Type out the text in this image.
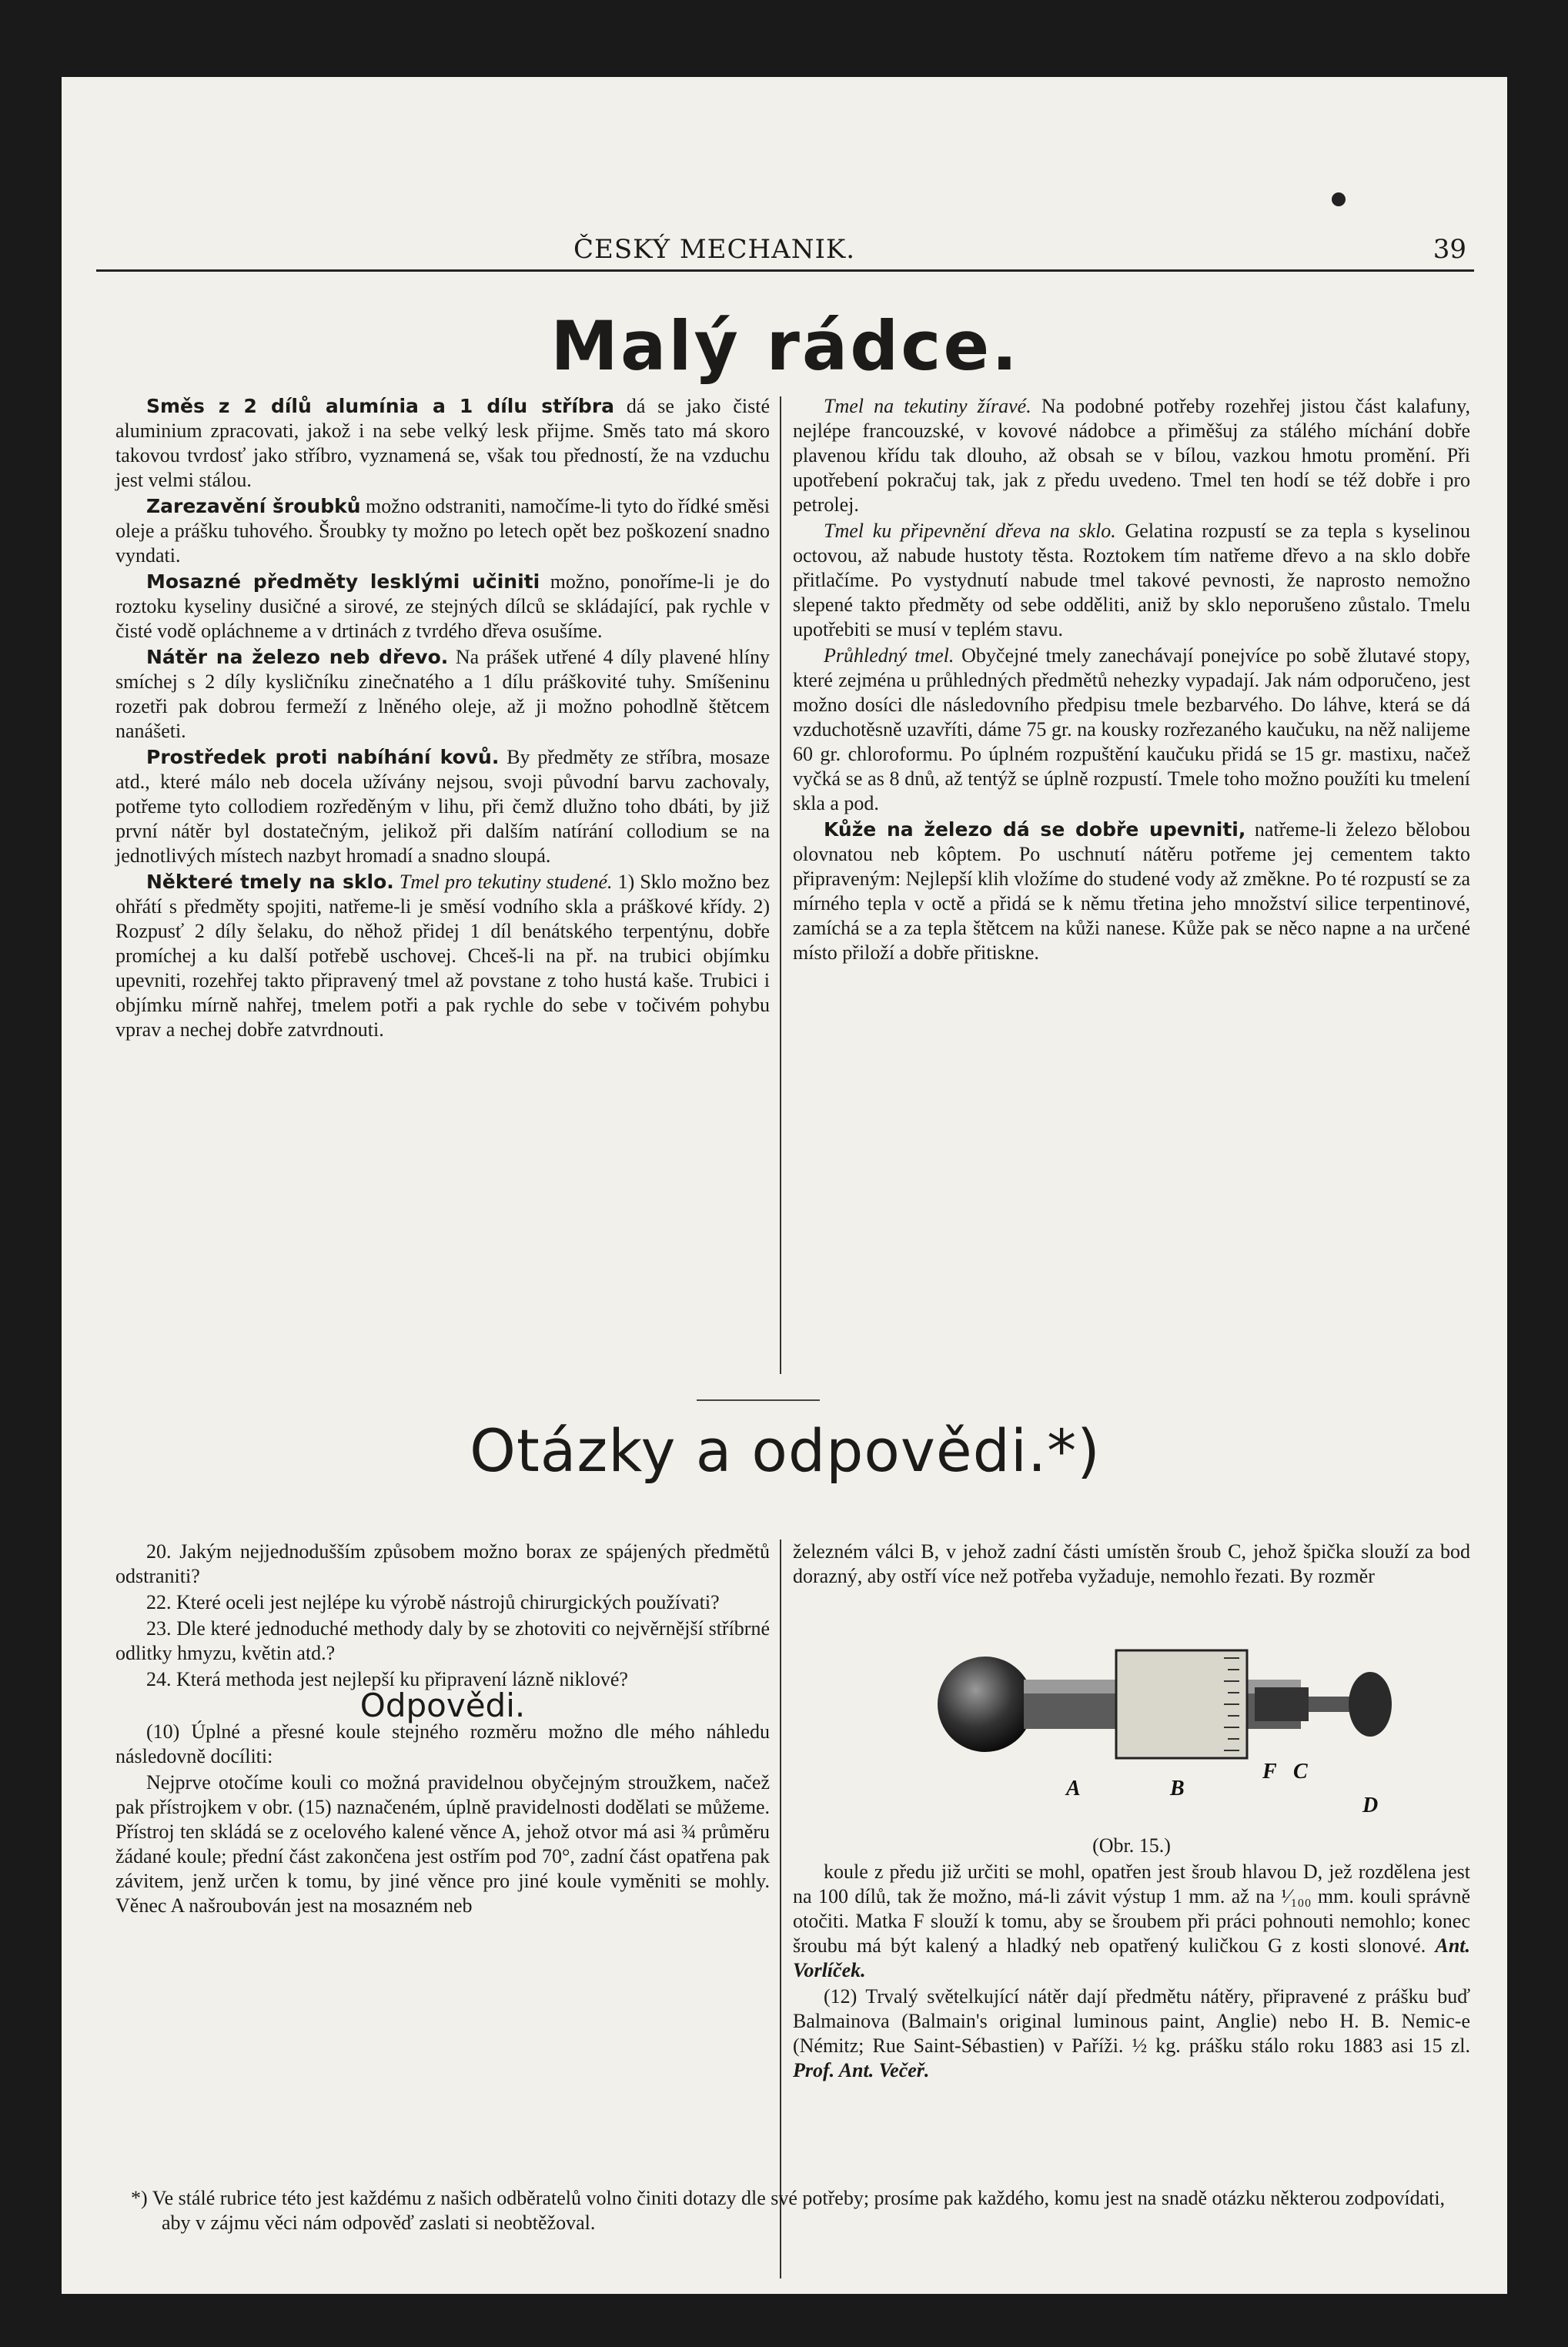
ČESKÝ MECHANIK.	39
Malý rádce.

Směs z 2 dílů alumínia a 1 dílu stříbra dá se jako čisté aluminium zpracovati, jakož i na sebe velký lesk přijme. Směs tato má skoro takovou tvrdosť jako stříbro, vyznamená se, však tou předností, že na vzduchu jest velmi stálou.

Zarezavění šroubků možno odstraniti, namočíme-li tyto do řídké směsi oleje a prášku tuhového. Šroubky ty možno po letech opět bez poškození snadno vyndati.

Mosazné předměty lesklými učiniti možno, ponoříme-li je do roztoku kyseliny dusičné a sirové, ze stejných dílců se skládající, pak rychle v čisté vodě opláchneme a v drtinách z tvrdého dřeva osušíme.

Nátěr na železo neb dřevo. Na prášek utřené 4 díly plavené hlíny smíchej s 2 díly kysličníku zinečnatého a 1 dílu práškovité tuhy. Smíšeninu rozetři pak dobrou fermeží z lněného oleje, až ji možno pohodlně štětcem nanášeti.

Prostředek proti nabíhání kovů. By předměty ze stříbra, mosaze atd., které málo neb docela užívány nejsou, svoji původní barvu zachovaly, potřeme tyto collodiem rozředěným v lihu, při čemž dlužno toho dbáti, by již první nátěr byl dostatečným, jelikož při dalším natírání collodium se na jednotlivých místech nazbyt hromadí a snadno sloupá.

Některé tmely na sklo. Tmel pro tekutiny studené. 1) Sklo možno bez ohřátí s předměty spojiti, natřeme-li je směsí vodního skla a práškové křídy. 2) Rozpusť 2 díly šelaku, do něhož přidej 1 díl benátského terpentýnu, dobře promíchej a ku další potřebě uschovej. Chceš-li na př. na trubici objímku upevniti, rozehřej takto připravený tmel až povstane z toho hustá kaše. Trubici i objímku mírně nahřej, tmelem potři a pak rychle do sebe v točivém pohybu vprav a nechej dobře zatvrdnouti.

Tmel na tekutiny žíravé. Na podobné potřeby rozehřej jistou část kalafuny, nejlépe francouzské, v kovové nádobce a přiměšuj za stálého míchání dobře plavenou křídu tak dlouho, až obsah se v bílou, vazkou hmotu promění. Při upotřebení pokračuj tak, jak z předu uvedeno. Tmel ten hodí se též dobře i pro petrolej.

Tmel ku připevnění dřeva na sklo. Gelatina rozpustí se za tepla s kyselinou octovou, až nabude hustoty těsta. Roztokem tím natřeme dřevo a na sklo dobře přitlačíme. Po vystydnutí nabude tmel takové pevnosti, že naprosto nemožno slepené takto předměty od sebe odděliti, aniž by sklo neporušeno zůstalo. Tmelu upotřebiti se musí v teplém stavu.

Průhledný tmel. Obyčejné tmely zanechávají ponejvíce po sobě žlutavé stopy, které zejména u průhledných předmětů nehezky vypadají. Jak nám odporučeno, jest možno dosíci dle následovního předpisu tmele bezbarvého. Do láhve, která se dá vzduchotěsně uzavříti, dáme 75 gr. na kousky rozřezaného kaučuku, na něž nalijeme 60 gr. chloroformu. Po úplném rozpuštění kaučuku přidá se 15 gr. mastixu, načež vyčká se as 8 dnů, až tentýž se úplně rozpustí. Tmele toho možno použíti ku tmelení skla a pod.

Kůže na železo dá se dobře upevniti, natřeme-li železo bělobou olovnatou neb kôptem. Po uschnutí nátěru potřeme jej cementem takto připraveným: Nejlepší klih vložíme do studené vody až změkne. Po té rozpustí se za mírného tepla v octě a přidá se k němu třetina jeho množství silice terpentinové, zamíchá se a za tepla štětcem na kůži nanese. Kůže pak se něco napne a na určené místo přiloží a dobře přitiskne.

Otázky a odpovědi.*)

20. Jakým nejjednodušším způsobem možno borax ze spájených předmětů odstraniti?

22. Které oceli jest nejlépe ku výrobě nástrojů chirurgických používati?

23. Dle které jednoduché methody daly by se zhotoviti co nejvěrnější stříbrné odlitky hmyzu, květin atd.?

24. Která methoda jest nejlepší ku připravení lázně niklové?

Odpovědi.

(10) Úplné a přesné koule stejného rozměru možno dle mého náhledu následovně docíliti:

Nejprve otočíme kouli co možná pravidelnou obyčejným stroužkem, načež pak přístrojkem v obr. (15) naznačeném, úplně pravidelnosti dodělati se můžeme. Přístroj ten skládá se z ocelového kalené věnce A, jehož otvor má asi ¾ průměru žádané koule; přední část zakončena jest ostřím pod 70°, zadní část opatřena pak závitem, jenž určen k tomu, by jiné věnce pro jiné koule vyměniti se mohly. Věnec A našroubován jest na mosazném neb

železném válci B, v jehož zadní části umístěn šroub C, jehož špička slouží za bod dorazný, aby ostří více než potřeba vyžaduje, nemohlo řezati. By rozměr

A	B
F C
D

(Obr. 15.)

koule z předu již určiti se mohl, opatřen jest šroub hlavou D, jež rozdělena jest na 100 dílů, tak že možno, má-li závit výstup 1 mm. až na ¹⁄₁₀₀ mm. kouli správně otočiti. Matka F slouží k tomu, aby se šroubem při práci pohnouti nemohlo; konec šroubu má být kalený a hladký neb opatřený kuličkou G z kosti slonové. Ant. Vorlíček.

(12) Trvalý světelkující nátěr dají předmětu nátěry, připravené z prášku buď Balmainova (Balmain's original luminous paint, Anglie) nebo H. B. Nemic-e (Némitz; Rue Saint-Sébastien) v Paříži. ½ kg. prášku stálo roku 1883 asi 15 zl. Prof. Ant. Večeř.

*) Ve stálé rubrice této jest každému z našich odběratelů volno činiti dotazy dle své potřeby; prosíme pak každého, komu jest na snadě otázku některou zodpovídati, aby v zájmu věci nám odpověď zaslati si neobtěžoval.
